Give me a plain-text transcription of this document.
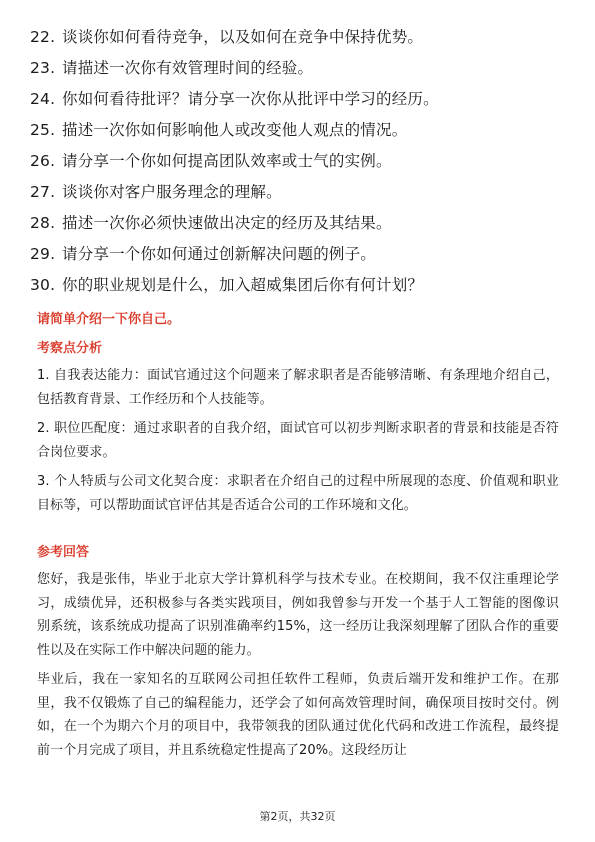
22. 谈谈你如何看待竞争，以及如何在竞争中保持优势。
23. 请描述一次你有效管理时间的经验。
24. 你如何看待批评？请分享一次你从批评中学习的经历。
25. 描述一次你如何影响他人或改变他人观点的情况。
26. 请分享一个你如何提高团队效率或士气的实例。
27. 谈谈你对客户服务理念的理解。
28. 描述一次你必须快速做出决定的经历及其结果。
29. 请分享一个你如何通过创新解决问题的例子。
30. 你的职业规划是什么，加入超威集团后你有何计划？

请简单介绍一下你自己。

考察点分析

1. 自我表达能力：面试官通过这个问题来了解求职者是否能够清晰、有条理地介绍自己，包括教育背景、工作经历和个人技能等。

2. 职位匹配度：通过求职者的自我介绍，面试官可以初步判断求职者的背景和技能是否符合岗位要求。

3. 个人特质与公司文化契合度：求职者在介绍自己的过程中所展现的态度、价值观和职业目标等，可以帮助面试官评估其是否适合公司的工作环境和文化。

参考回答

您好，我是张伟，毕业于北京大学计算机科学与技术专业。在校期间，我不仅注重理论学习，成绩优异，还积极参与各类实践项目，例如我曾参与开发一个基于人工智能的图像识别系统，该系统成功提高了识别准确率约15%，这一经历让我深刻理解了团队合作的重要性以及在实际工作中解决问题的能力。

毕业后，我在一家知名的互联网公司担任软件工程师，负责后端开发和维护工作。在那里，我不仅锻炼了自己的编程能力，还学会了如何高效管理时间，确保项目按时交付。例如，在一个为期六个月的项目中，我带领我的团队通过优化代码和改进工作流程，最终提前一个月完成了项目，并且系统稳定性提高了20%。这段经历让

第2页，共32页
